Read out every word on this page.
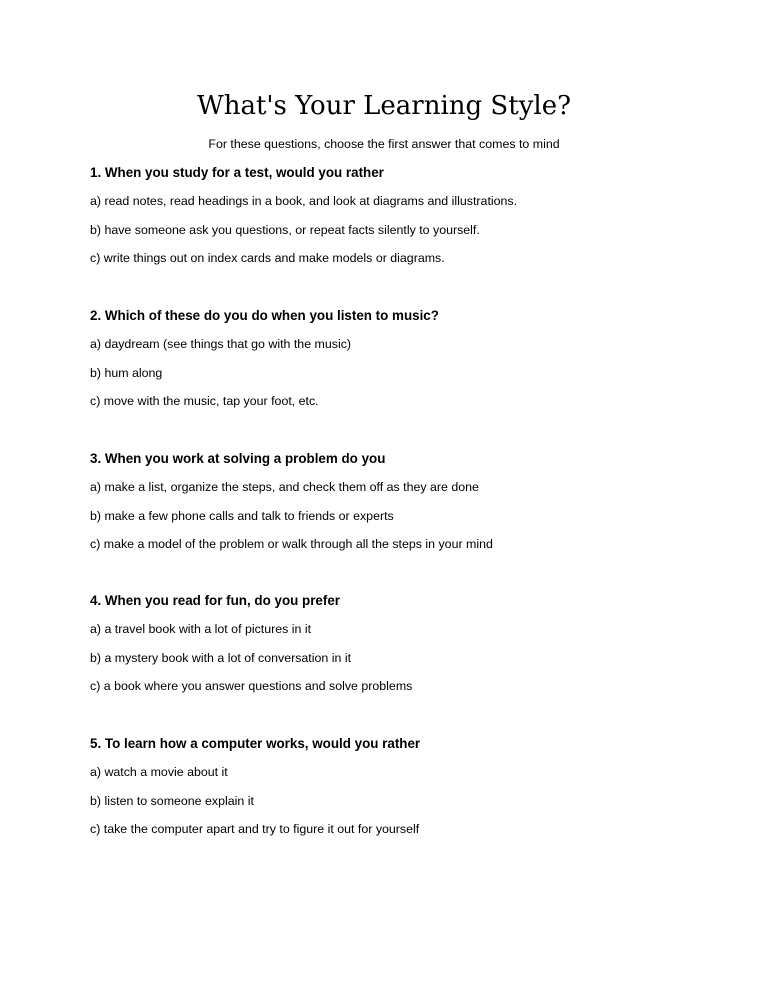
What's Your Learning Style?

For these questions, choose the first answer that comes to mind

1. When you study for a test, would you rather

a) read notes, read headings in a book, and look at diagrams and illustrations.

b) have someone ask you questions, or repeat facts silently to yourself.

c) write things out on index cards and make models or diagrams.

2. Which of these do you do when you listen to music?

a) daydream (see things that go with the music)

b) hum along

c) move with the music, tap your foot, etc.

3. When you work at solving a problem do you

a) make a list, organize the steps, and check them off as they are done

b) make a few phone calls and talk to friends or experts

c) make a model of the problem or walk through all the steps in your mind

4. When you read for fun, do you prefer

a) a travel book with a lot of pictures in it

b) a mystery book with a lot of conversation in it

c) a book where you answer questions and solve problems

5. To learn how a computer works, would you rather

a) watch a movie about it

b) listen to someone explain it

c) take the computer apart and try to figure it out for yourself
